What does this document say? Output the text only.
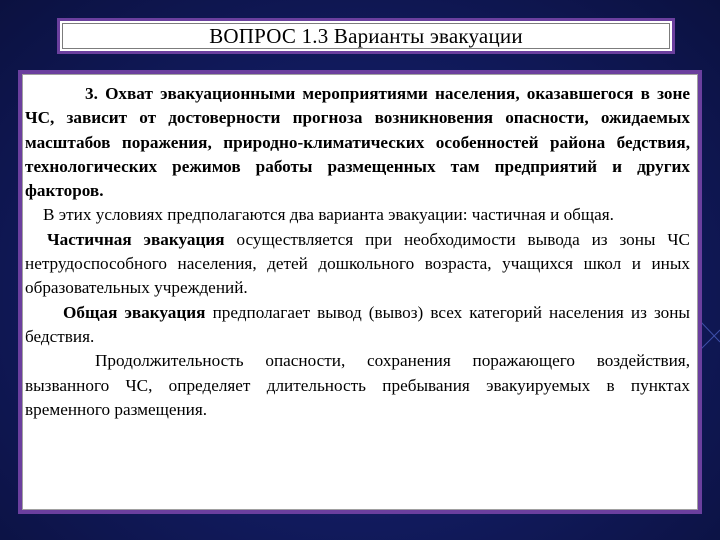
ВОПРОС 1.3 Варианты эвакуации

3. Охват эвакуационными мероприятиями населения, оказавшегося в зоне ЧС, зависит от достоверности прогноза возникновения опасности, ожидаемых масштабов поражения, природно-климатических особенностей района бедствия, технологических режимов работы размещенных там предприятий и других факторов.

В этих условиях предполагаются два варианта эвакуации: частичная и общая.

Частичная эвакуация осуществляется при необходимости вывода из зоны ЧС нетрудоспособного населения, детей дошкольного возраста, учащихся школ и иных образовательных учреждений.

Общая эвакуация предполагает вывод (вывоз) всех категорий населения из зоны бедствия.

Продолжительность опасности, сохранения поражающего воздействия, вызванного ЧС, определяет длительность пребывания эвакуируемых в пунктах временного размещения.
